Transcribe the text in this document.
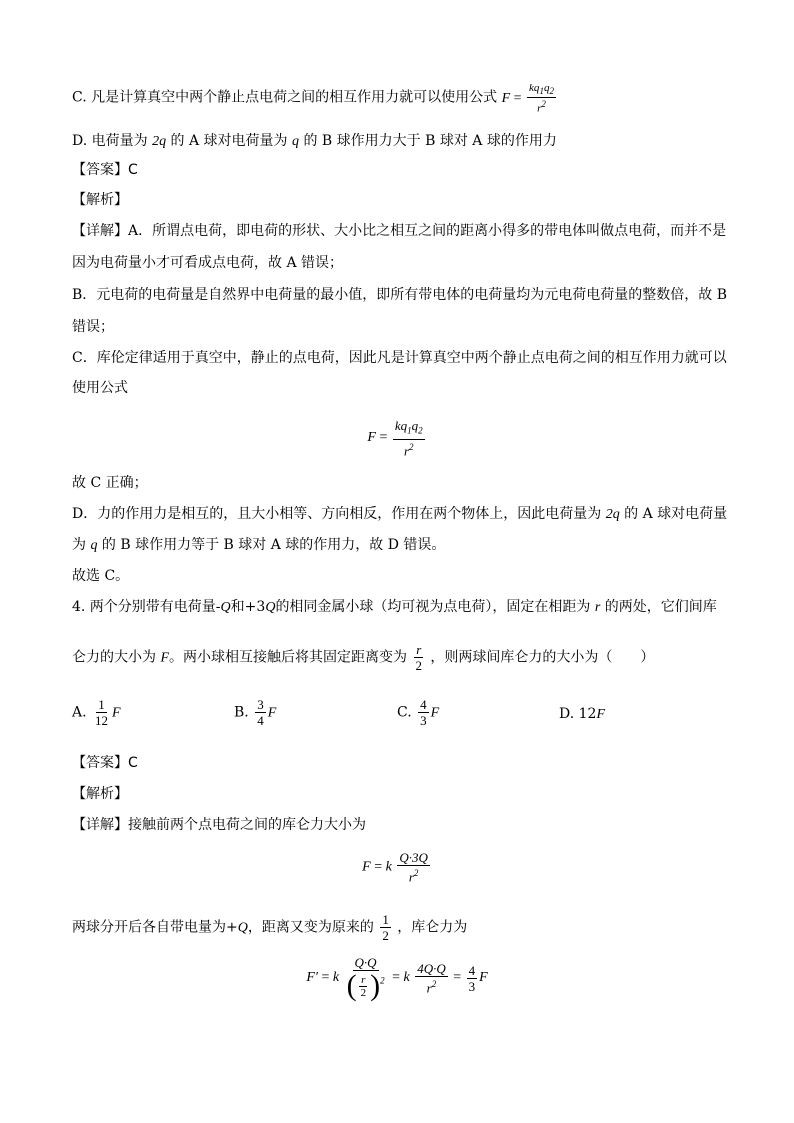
C. 凡是计算真空中两个静止点电荷之间的相互作用力就可以使用公式 $F = \frac{kq_1q_2}{r^2}$
D. 电荷量为 2q 的 A 球对电荷量为 q 的 B 球作用力大于 B 球对 A 球的作用力
【答案】C
【解析】
【详解】A．所谓点电荷，即电荷的形状、大小比之相互之间的距离小得多的带电体叫做点电荷，而并不是
因为电荷量小才可看成点电荷，故 A 错误；
B．元电荷的电荷量是自然界中电荷量的最小值，即所有带电体的电荷量均为元电荷电荷量的整数倍，故 B
错误；
C．库伦定律适用于真空中，静止的点电荷，因此凡是计算真空中两个静止点电荷之间的相互作用力就可以
使用公式
$F = \frac{kq_1q_2}{r^2}$
故 C 正确；
D．力的作用力是相互的，且大小相等、方向相反，作用在两个物体上，因此电荷量为 2q 的 A 球对电荷量
为 q 的 B 球作用力等于 B 球对 A 球的作用力，故 D 错误。
故选 C。
4. 两个分别带有电荷量-Q和+3Q的相同金属小球（均可视为点电荷），固定在相距为 r 的两处，它们间库
仑力的大小为 F。两小球相互接触后将其固定距离变为 $\frac{r}{2}$ ，则两球间库仑力的大小为（　　）
A. $\frac{1}{12}$ F	B. $\frac{3}{4}$ F	C. $\frac{4}{3}$ F	D. 12F
【答案】C
【解析】
【详解】接触前两个点电荷之间的库仑力大小为
F = k $\frac{Q\cdot 3Q}{r^2}$
两球分开后各自带电量为+Q，距离又变为原来的 $\frac{1}{2}$ ，库仑力为
F′ = k $\frac{Q\cdot Q}{( \frac{r}{2} )^2} = k \frac{4Q\cdot Q}{r^2} = \frac{4}{3}$ F
